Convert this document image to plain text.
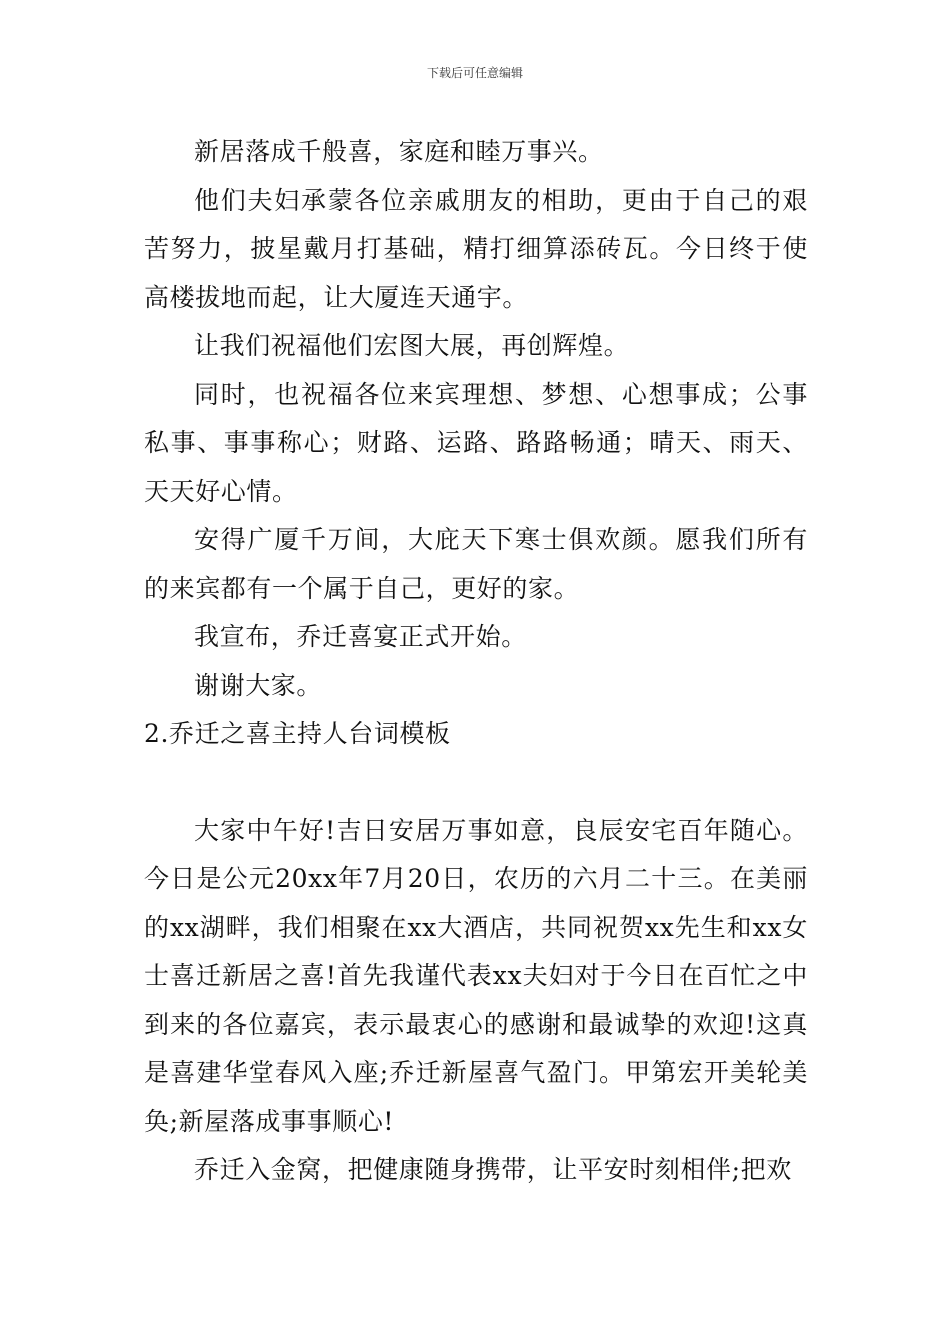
下载后可任意编辑

新居落成千般喜，家庭和睦万事兴。

他们夫妇承蒙各位亲戚朋友的相助，更由于自己的艰苦努力，披星戴月打基础，精打细算添砖瓦。今日终于使高楼拔地而起，让大厦连天通宇。

让我们祝福他们宏图大展，再创辉煌。

同时，也祝福各位来宾理想、梦想、心想事成；公事私事、事事称心；财路、运路、路路畅通；晴天、雨天、天天好心情。

安得广厦千万间，大庇天下寒士俱欢颜。愿我们所有的来宾都有一个属于自己，更好的家。

我宣布，乔迁喜宴正式开始。

谢谢大家。

2.乔迁之喜主持人台词模板

大家中午好!吉日安居万事如意，良辰安宅百年随心。今日是公元20xx年7月20日，农历的六月二十三。在美丽的xx湖畔，我们相聚在xx大酒店，共同祝贺xx先生和xx女士喜迁新居之喜!首先我谨代表xx夫妇对于今日在百忙之中到来的各位嘉宾，表示最衷心的感谢和最诚挚的欢迎!这真是喜建华堂春风入座;乔迁新屋喜气盈门。甲第宏开美轮美奂;新屋落成事事顺心!

乔迁入金窝，把健康随身携带，让平安时刻相伴;把欢
